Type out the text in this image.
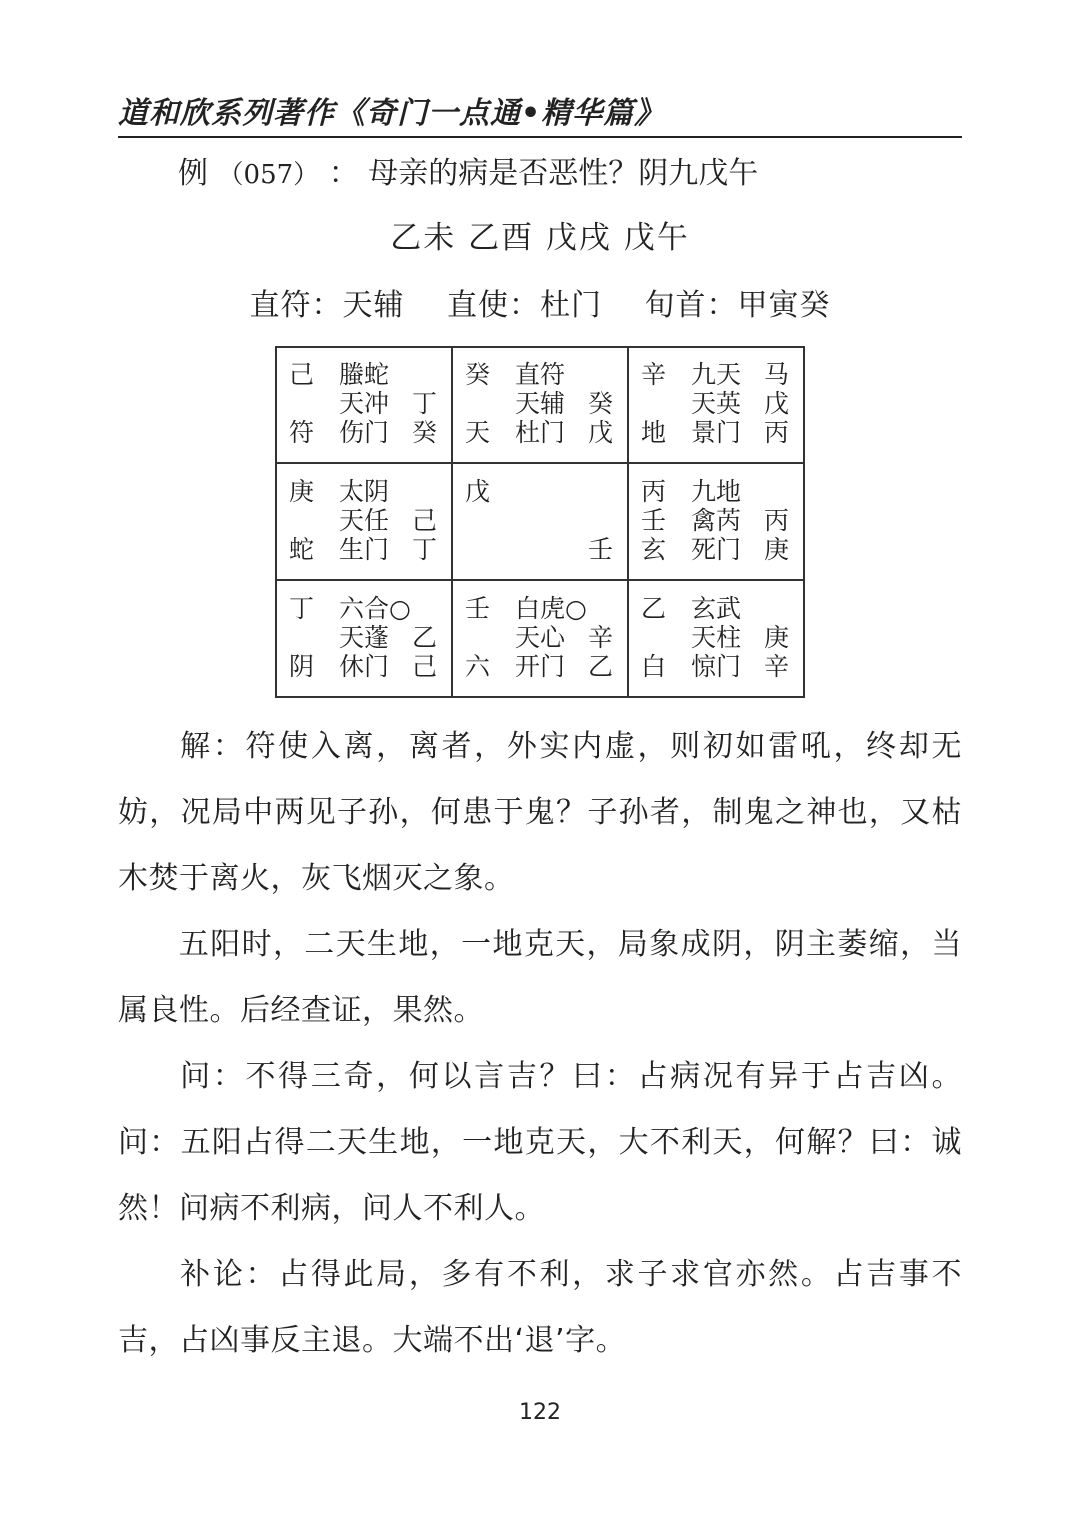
道和欣系列著作《奇门一点通•精华篇》
例 （057） ： 母亲的病是否恶性？阴九戊午
乙未 乙酉 戊戌 戊午
直符：天辅 直使：杜门 旬首：甲寅癸
己 螣蛇
天冲 丁
符 伤门 癸
癸 直符
天辅 癸
天 杜门 戊
辛 九天 马
天英 戊
地 景门 丙
庚 太阴
天任 己
蛇 生门 丁
戊
壬
丙 九地
壬 禽芮 丙
玄 死门 庚
丁 六合○
天蓬 乙
阴 休门 己
壬 白虎○
天心 辛
六 开门 乙
乙 玄武
天柱 庚
白 惊门 辛
解：符使入离，离者，外实内虚，则初如雷吼，终却无妨，况局中两见子孙，何患于鬼？子孙者，制鬼之神也，又枯木焚于离火，灰飞烟灭之象。
五阳时，二天生地，一地克天，局象成阴，阴主萎缩，当属良性。后经查证，果然。
问：不得三奇，何以言吉？曰：占病况有异于占吉凶。问：五阳占得二天生地，一地克天，大不利天，何解？曰：诚然！问病不利病，问人不利人。
补论：占得此局，多有不利，求子求官亦然。占吉事不吉，占凶事反主退。大端不出‘退’字。
122
